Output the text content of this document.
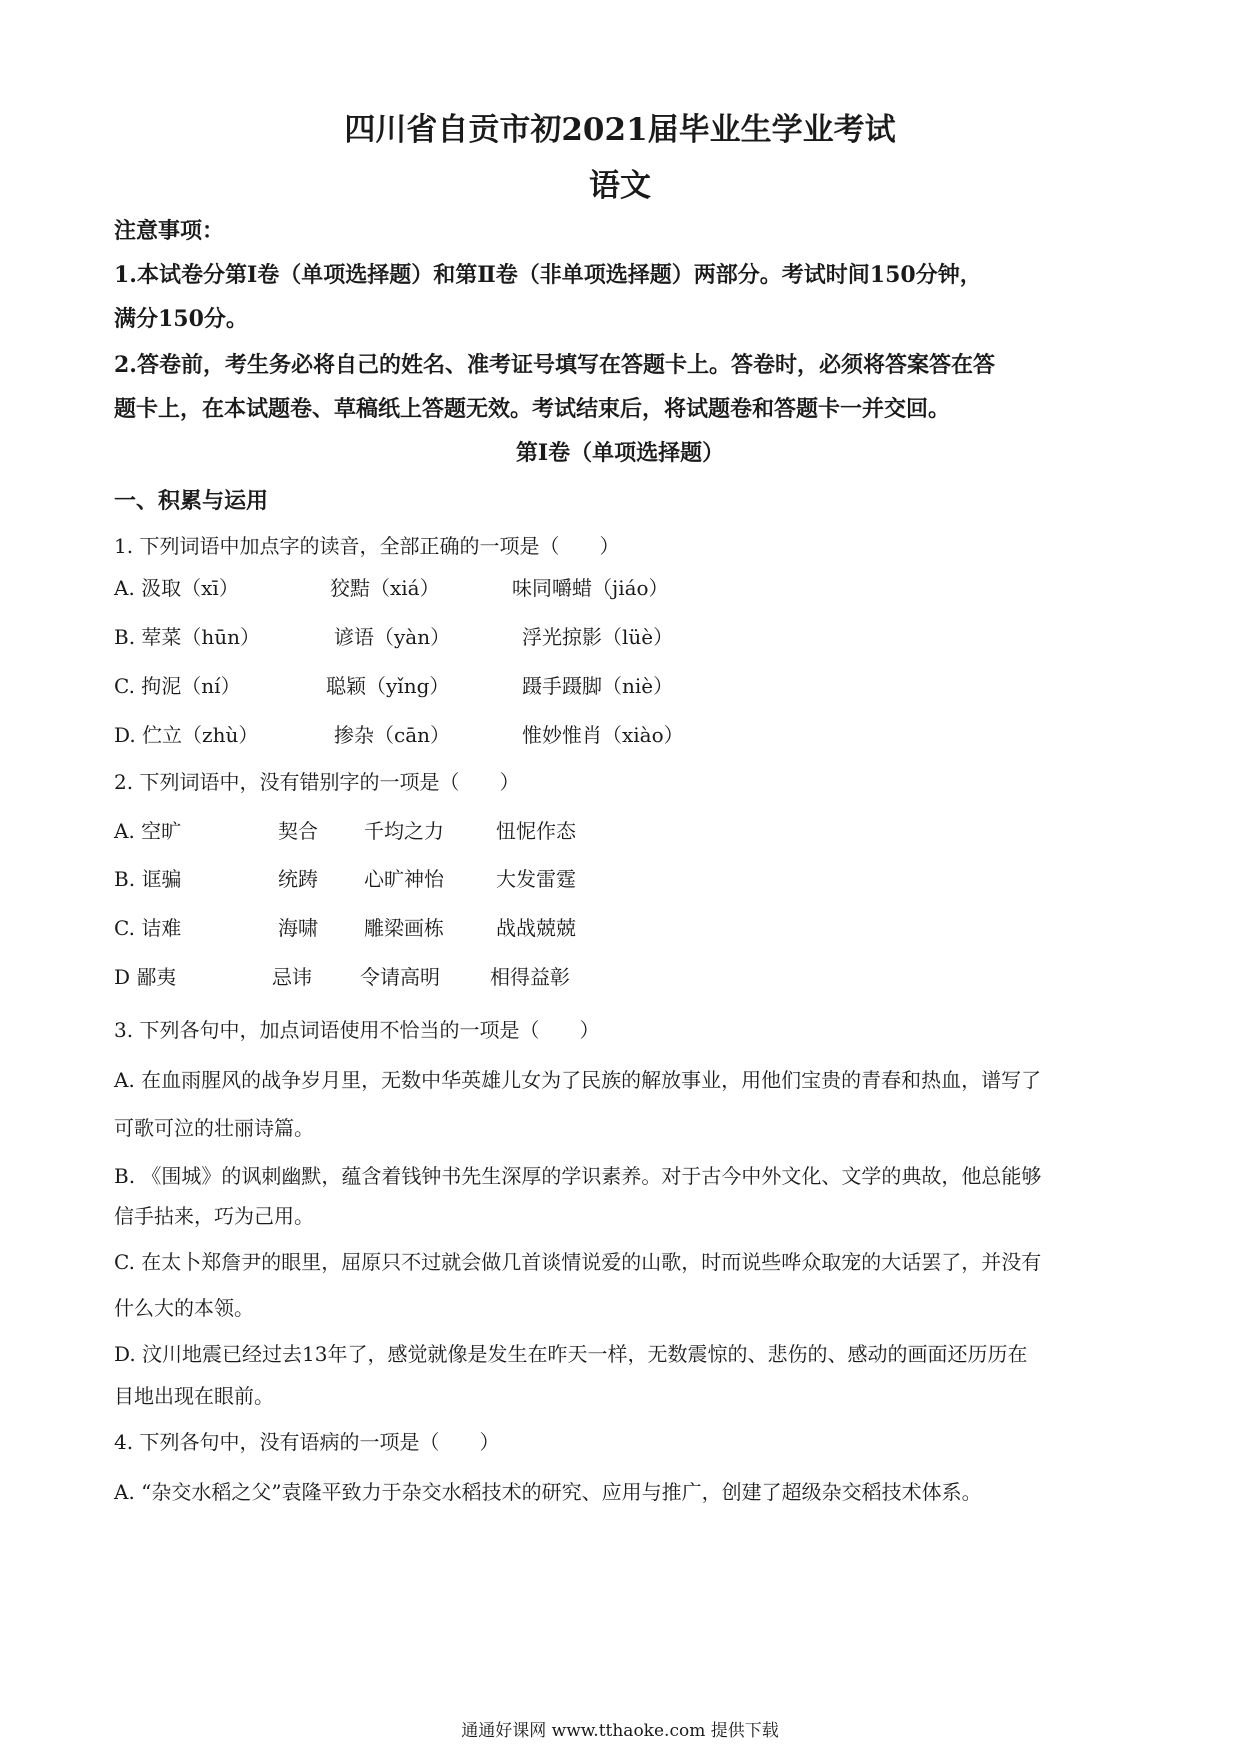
四川省自贡市初2021届毕业生学业考试
语文
注意事项：
1.本试卷分第Ⅰ卷（单项选择题）和第Ⅱ卷（非单项选择题）两部分。考试时间150分钟，
满分150分。
2.答卷前，考生务必将自己的姓名、准考证号填写在答题卡上。答卷时，必须将答案答在答
题卡上，在本试题卷、草稿纸上答题无效。考试结束后，将试题卷和答题卡一并交回。
第Ⅰ卷（单项选择题）
一、积累与运用
1. 下列词语中加点字的读音，全部正确的一项是（　　）
A. 汲取（xī）	狡黠（xiá）	味同嚼蜡（jiáo）
B. 荤菜（hūn）	谚语（yàn）	浮光掠影（lüè）
C. 拘泥（ní）	聪颖（yǐng）	蹑手蹑脚（niè）
D. 伫立（zhù）	掺杂（cān）	惟妙惟肖（xiào）
2. 下列词语中，没有错别字的一项是（　　）
A. 空旷	契合 千均之力	忸怩作态
B. 诓骗	统踌 心旷神怡	大发雷霆
C. 诘难	海啸 雕梁画栋	战战兢兢
D 鄙夷	忌讳 令请高明	相得益彰
3. 下列各句中，加点词语使用不恰当的一项是（　　）
A. 在血雨腥风的战争岁月里，无数中华英雄儿女为了民族的解放事业，用他们宝贵的青春和热血，谱写了
可歌可泣的壮丽诗篇。
B. 《围城》的讽刺幽默，蕴含着钱钟书先生深厚的学识素养。对于古今中外文化、文学的典故，他总能够
信手拈来，巧为己用。
C. 在太卜郑詹尹的眼里，屈原只不过就会做几首谈情说爱的山歌，时而说些哗众取宠的大话罢了，并没有
什么大的本领。
D. 汶川地震已经过去13年了，感觉就像是发生在昨天一样，无数震惊的、悲伤的、感动的画面还历历在
目地出现在眼前。
4. 下列各句中，没有语病的一项是（　　）
A. “杂交水稻之父”袁隆平致力于杂交水稻技术的研究、应用与推广，创建了超级杂交稻技术体系。
通通好课网 www.tthaoke.com 提供下载
